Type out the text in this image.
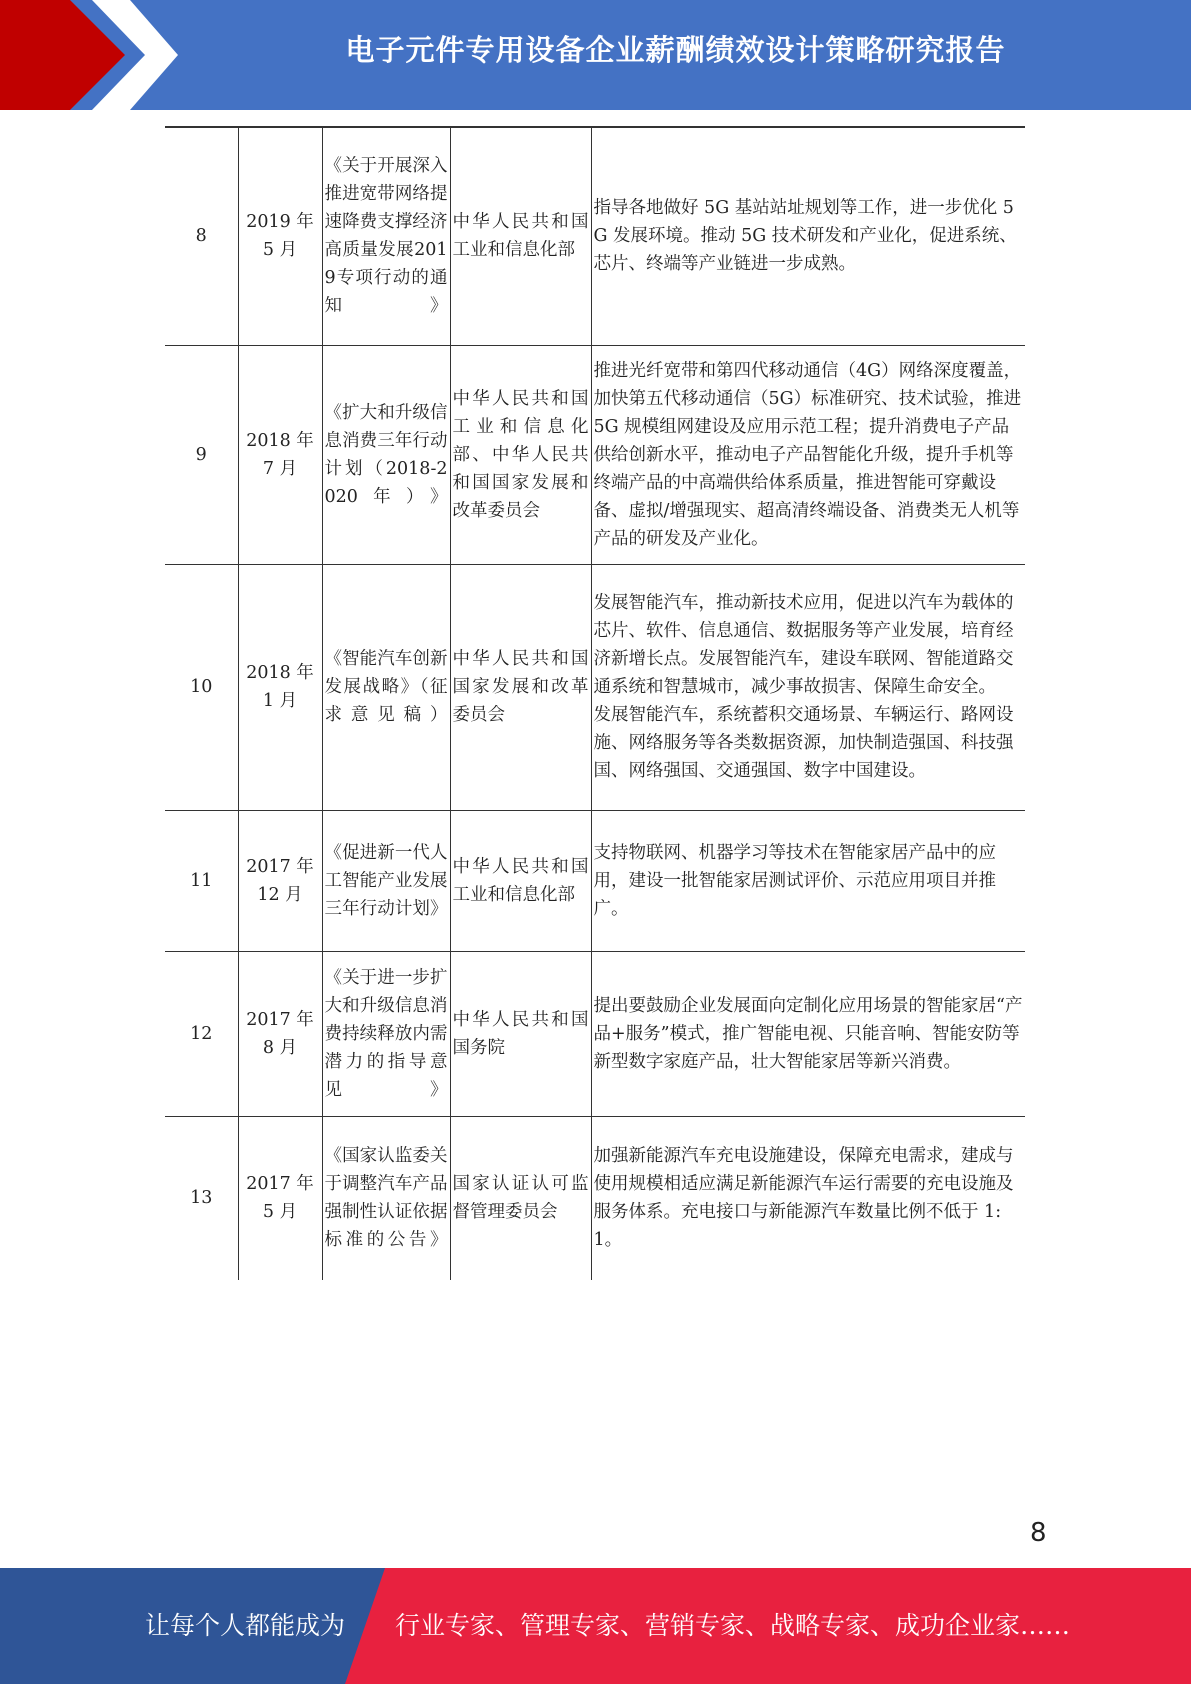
电子元件专用设备企业薪酬绩效设计策略研究报告
8	2019 年 5 月	《关于开展深入推进宽带网络提速降费支撑经济高质量发展2019专项行动的通知》	中华人民共和国工业和信息化部	指导各地做好 5G 基站站址规划等工作，进一步优化 5G 发展环境。推动 5G 技术研发和产业化，促进系统、芯片、终端等产业链进一步成熟。
9	2018 年 7 月	《扩大和升级信息消费三年行动计划（2018-2020年）》	中华人民共和国工业和信息化部、中华人民共和国国家发展和改革委员会	推进光纤宽带和第四代移动通信（4G）网络深度覆盖，加快第五代移动通信（5G）标准研究、技术试验，推进 5G 规模组网建设及应用示范工程；提升消费电子产品供给创新水平，推动电子产品智能化升级，提升手机等终端产品的中高端供给体系质量，推进智能可穿戴设备、虚拟/增强现实、超高清终端设备、消费类无人机等产品的研发及产业化。
10	2018 年 1 月	《智能汽车创新发展战略》（征求意见稿）	中华人民共和国国家发展和改革委员会	发展智能汽车，推动新技术应用，促进以汽车为载体的芯片、软件、信息通信、数据服务等产业发展，培育经济新增长点。发展智能汽车，建设车联网、智能道路交通系统和智慧城市，减少事故损害、保障生命安全。
发展智能汽车，系统蓄积交通场景、车辆运行、路网设施、网络服务等各类数据资源，加快制造强国、科技强国、网络强国、交通强国、数字中国建设。

11	2017 年 12 月	《促进新一代人工智能产业发展三年行动计划》	中华人民共和国工业和信息化部	支持物联网、机器学习等技术在智能家居产品中的应用，建设一批智能家居测试评价、示范应用项目并推广。
12	2017 年 8 月	《关于进一步扩大和升级信息消费持续释放内需潜力的指导意见》	中华人民共和国国务院	提出要鼓励企业发展面向定制化应用场景的智能家居“产品+服务”模式，推广智能电视、只能音响、智能安防等新型数字家庭产品，壮大智能家居等新兴消费。
13	2017 年 5 月	《国家认监委关于调整汽车产品强制性认证依据标准的公告》	国家认证认可监督管理委员会	加强新能源汽车充电设施建设，保障充电需求，建成与使用规模相适应满足新能源汽车运行需要的充电设施及服务体系。充电接口与新能源汽车数量比例不低于 1:1。
8
让每个人都能成为	行业专家、管理专家、营销专家、战略专家、成功企业家……
